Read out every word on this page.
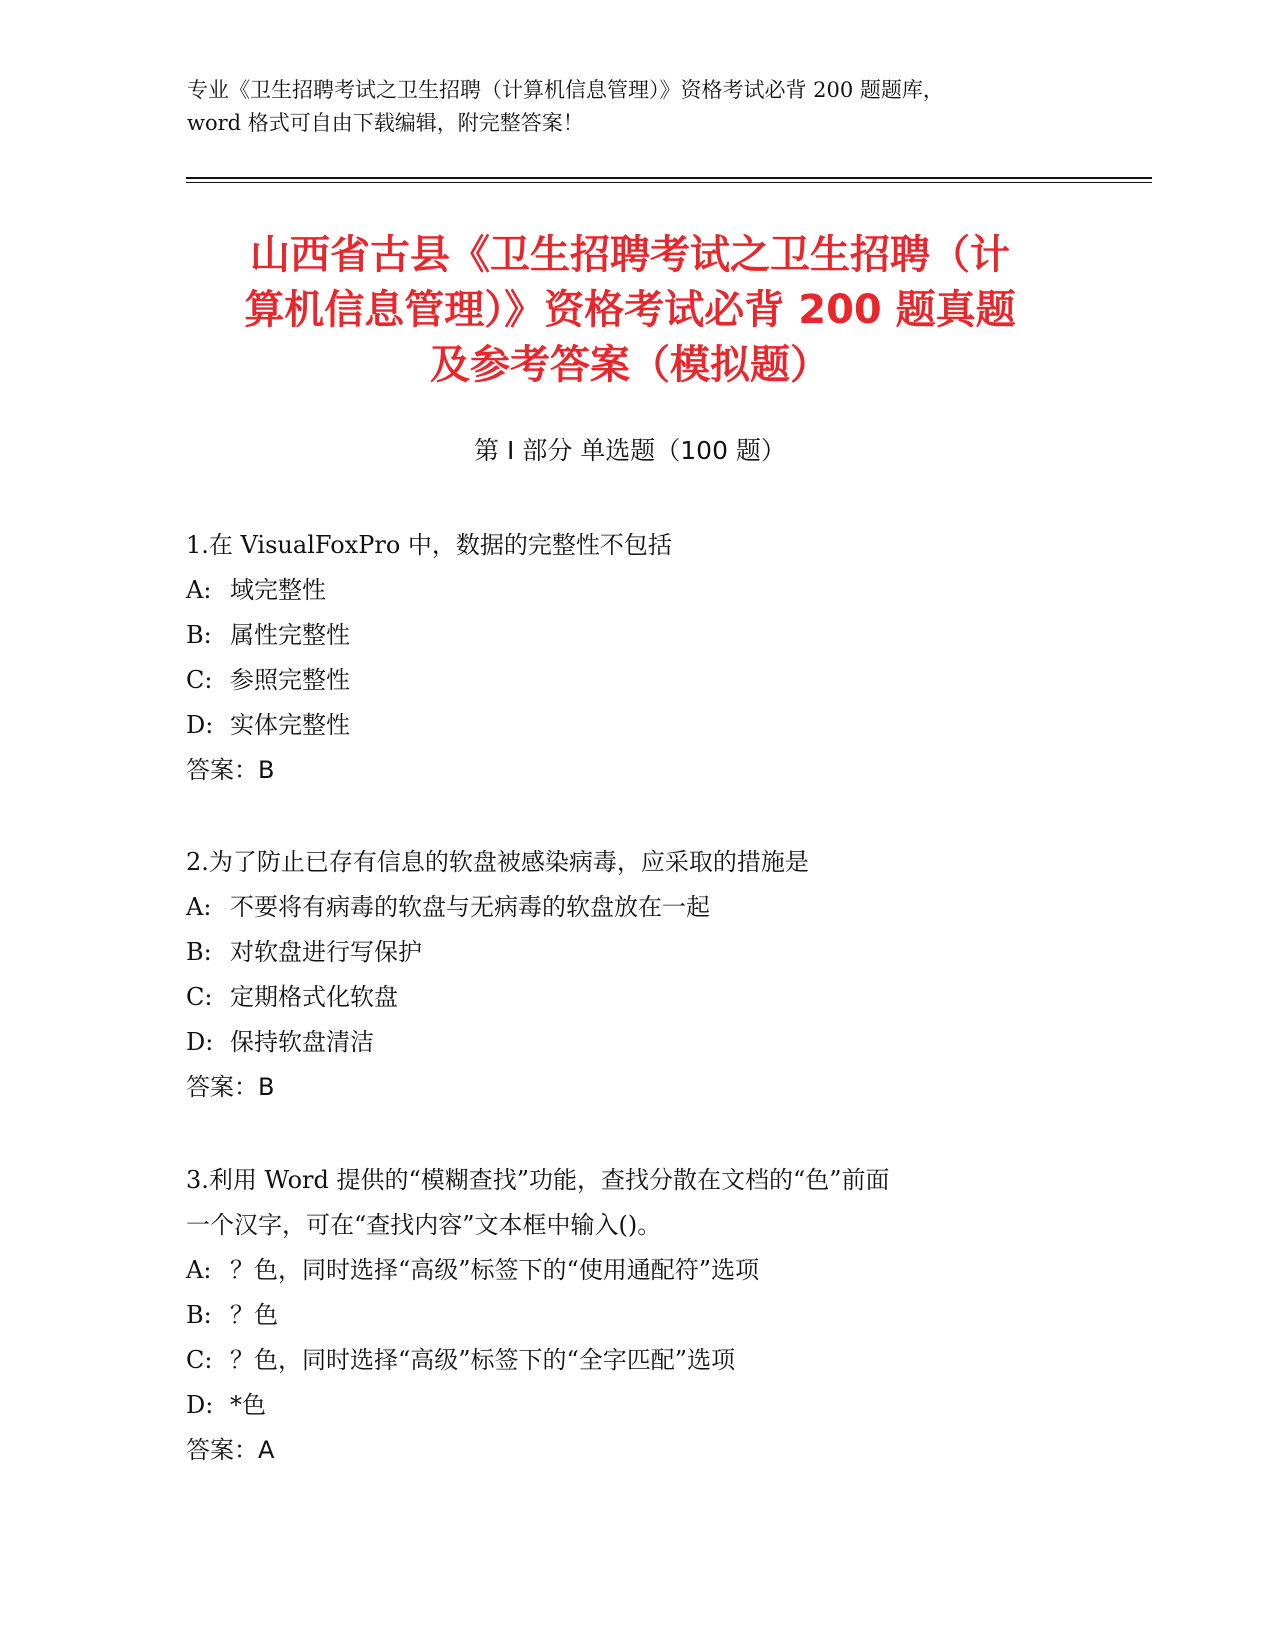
专业《卫生招聘考试之卫生招聘（计算机信息管理）》资格考试必背 200 题题库，
word 格式可自由下载编辑，附完整答案！
山西省古县《卫生招聘考试之卫生招聘（计
算机信息管理）》资格考试必背 200 题真题
及参考答案（模拟题）
第 I 部分 单选题（100 题）
1.在 VisualFoxPro 中，数据的完整性不包括
A: 域完整性
B: 属性完整性
C: 参照完整性
D: 实体完整性
答案：B
2.为了防止已存有信息的软盘被感染病毒，应采取的措施是
A: 不要将有病毒的软盘与无病毒的软盘放在一起
B: 对软盘进行写保护
C: 定期格式化软盘
D: 保持软盘清洁
答案：B
3.利用 Word 提供的“模糊查找”功能，查找分散在文档的“色”前面
一个汉字，可在“查找内容”文本框中输入()。
A: ？色，同时选择“高级”标签下的“使用通配符”选项
B: ？色
C: ？色，同时选择“高级”标签下的“全字匹配”选项
D: *色
答案：A
